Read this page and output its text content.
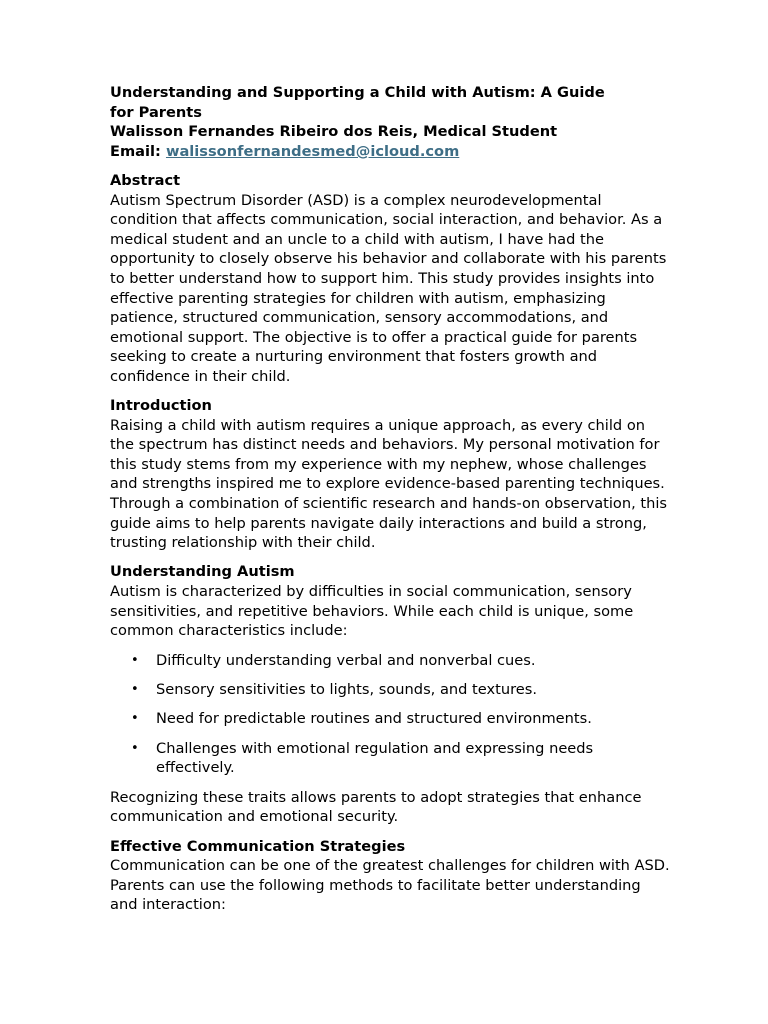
Understanding and Supporting a Child with Autism: A Guide
for Parents
Walisson Fernandes Ribeiro dos Reis, Medical Student
Email: walissonfernandesmed@icloud.com
Abstract

Autism Spectrum Disorder (ASD) is a complex neurodevelopmental condition that affects communication, social interaction, and behavior. As a medical student and an uncle to a child with autism, I have had the opportunity to closely observe his behavior and collaborate with his parents to better understand how to support him. This study provides insights into effective parenting strategies for children with autism, emphasizing patience, structured communication, sensory accommodations, and emotional support. The objective is to offer a practical guide for parents seeking to create a nurturing environment that fosters growth and confidence in their child.

Introduction

Raising a child with autism requires a unique approach, as every child on the spectrum has distinct needs and behaviors. My personal motivation for this study stems from my experience with my nephew, whose challenges and strengths inspired me to explore evidence-based parenting techniques. Through a combination of scientific research and hands-on observation, this guide aims to help parents navigate daily interactions and build a strong, trusting relationship with their child.

Understanding Autism

Autism is characterized by difficulties in social communication, sensory sensitivities, and repetitive behaviors. While each child is unique, some common characteristics include:

• Difficulty understanding verbal and nonverbal cues.
• Sensory sensitivities to lights, sounds, and textures.
• Need for predictable routines and structured environments.
• Challenges with emotional regulation and expressing needs effectively.

Recognizing these traits allows parents to adopt strategies that enhance communication and emotional security.

Effective Communication Strategies

Communication can be one of the greatest challenges for children with ASD. Parents can use the following methods to facilitate better understanding and interaction:
